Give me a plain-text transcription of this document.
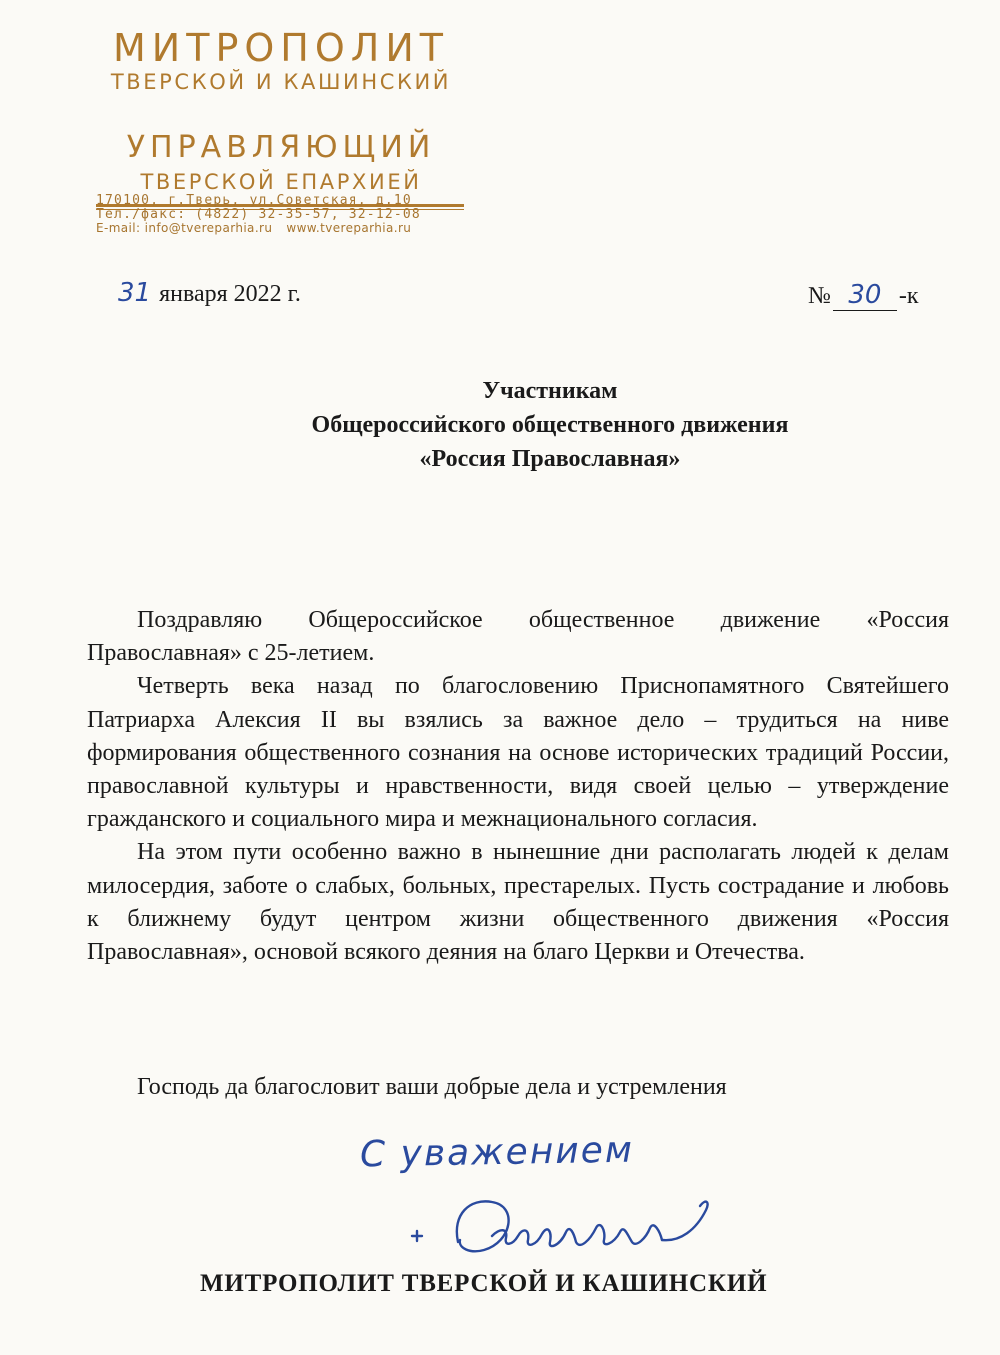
МИТРОПОЛИТ
ТВЕРСКОЙ И КАШИНСКИЙ
УПРАВЛЯЮЩИЙ
ТВЕРСКОЙ ЕПАРХИЕЙ
170100, г.Тверь, ул.Советская, д.10
Тел./факс: (4822) 32-35-57, 32-12-08
E-mail: info@tvereparhia.ru www.tvereparhia.ru
31 января 2022 г.	№ 30 -к
Участникам
Общероссийского общественного движения
«Россия Православная»

Поздравляю Общероссийское общественное движение «Россия Православная» с 25-летием.

Четверть века назад по благословению Приснопамятного Святейшего Патриарха Алексия II вы взялись за важное дело – трудиться на ниве формирования общественного сознания на основе исторических традиций России, православной культуры и нравственности, видя своей целью – утверждение гражданского и социального мира и межнационального согласия.

На этом пути особенно важно в нынешние дни располагать людей к делам милосердия, заботе о слабых, больных, престарелых. Пусть сострадание и любовь к ближнему будут центром жизни общественного движения «Россия Православная», основой всякого деяния на благо Церкви и Отечества.

Господь да благословит ваши добрые дела и устремления
С уважением
МИТРОПОЛИТ ТВЕРСКОЙ И КАШИНСКИЙ
